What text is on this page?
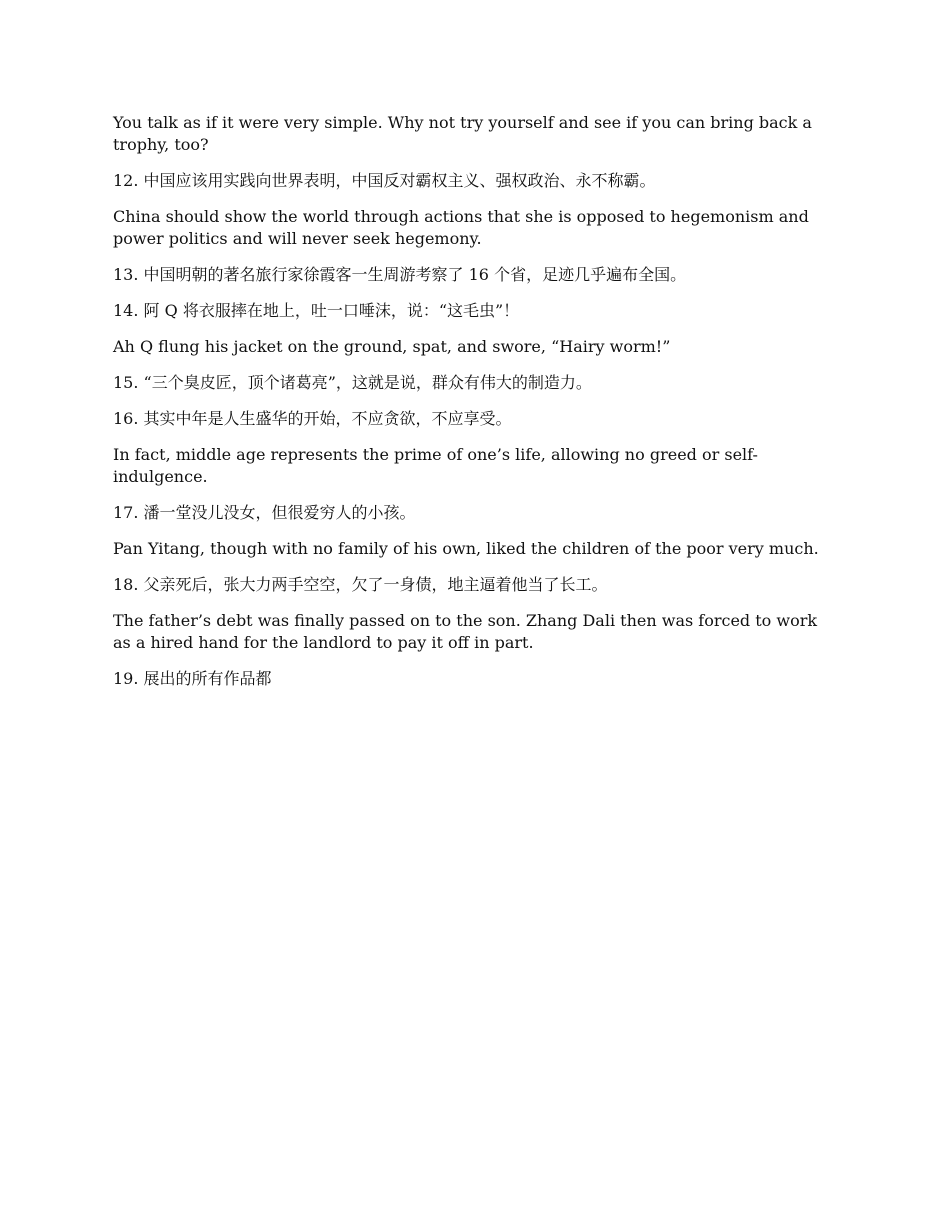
You talk as if it were very simple. Why not try yourself and see if you can bring back a trophy, too?

12. 中国应该用实践向世界表明，中国反对霸权主义、强权政治、永不称霸。

China should show the world through actions that she is opposed to hegemonism and power politics and will never seek hegemony.

13. 中国明朝的著名旅行家徐霞客一生周游考察了 16 个省，足迹几乎遍布全国。

14. 阿 Q 将衣服摔在地上，吐一口唾沫，说：“这毛虫”！

Ah Q flung his jacket on the ground, spat, and swore, “Hairy worm!”

15. “三个臭皮匠，顶个诸葛亮”，这就是说，群众有伟大的制造力。

16. 其实中年是人生盛华的开始，不应贪欲，不应享受。

In fact, middle age represents the prime of one’s life, allowing no greed or self-indulgence.

17. 潘一堂没儿没女，但很爱穷人的小孩。

Pan Yitang, though with no family of his own, liked the children of the poor very much.

18. 父亲死后，张大力两手空空，欠了一身债，地主逼着他当了长工。

The father’s debt was finally passed on to the son. Zhang Dali then was forced to work as a hired hand for the landlord to pay it off in part.

19. 展出的所有作品都
